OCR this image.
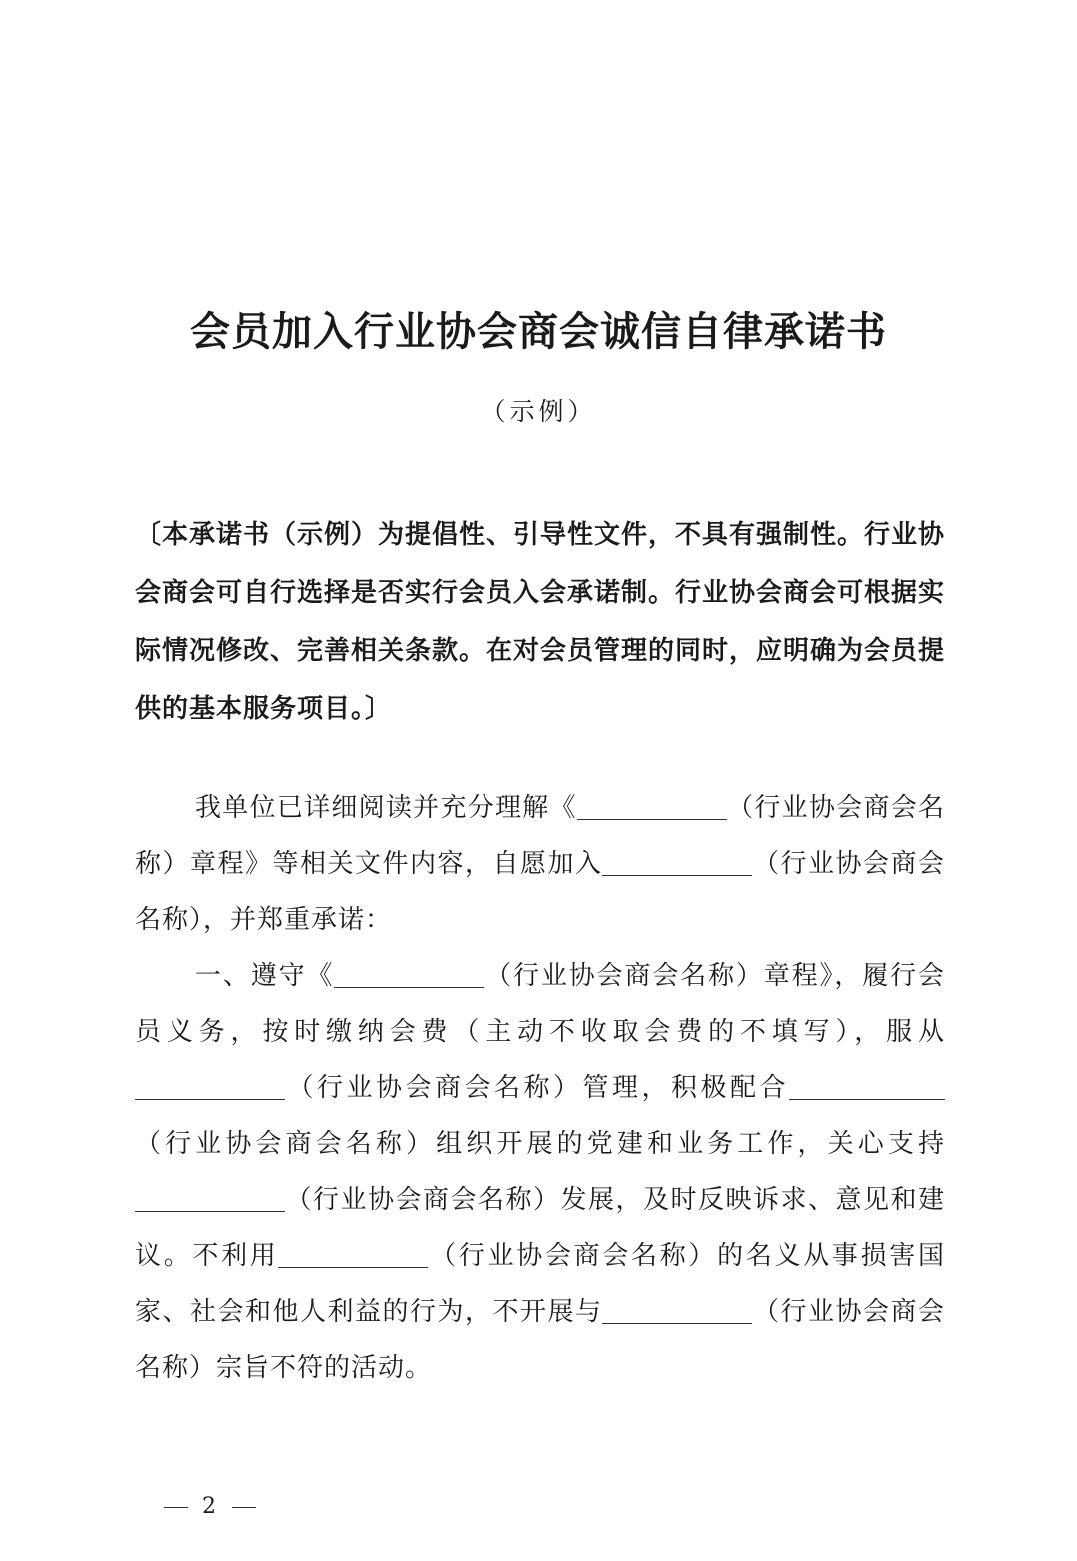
会员加入行业协会商会诚信自律承诺书
（示例）

〔本承诺书（示例）为提倡性、引导性文件，不具有强制性。行业协会商会可自行选择是否实行会员入会承诺制。行业协会商会可根据实际情况修改、完善相关条款。在对会员管理的同时，应明确为会员提供的基本服务项目。〕

我单位已详细阅读并充分理解《	（行业协会商会名称）章程》等相关文件内容，自愿加入	（行业协会商会名称），并郑重承诺：

一、遵守《	（行业协会商会名称）章程》，履行会员义务，按时缴纳会费（主动不收取会费的不填写），服从（行业协会商会名称）管理，积极配合（行业协会商会名称）组织开展的党建和业务工作，关心支持（行业协会商会名称）发展，及时反映诉求、意见和建议。不利用	（行业协会商会名称）的名义从事损害国家、社会和他人利益的行为，不开展与	（行业协会商会名称）宗旨不符的活动。

2
